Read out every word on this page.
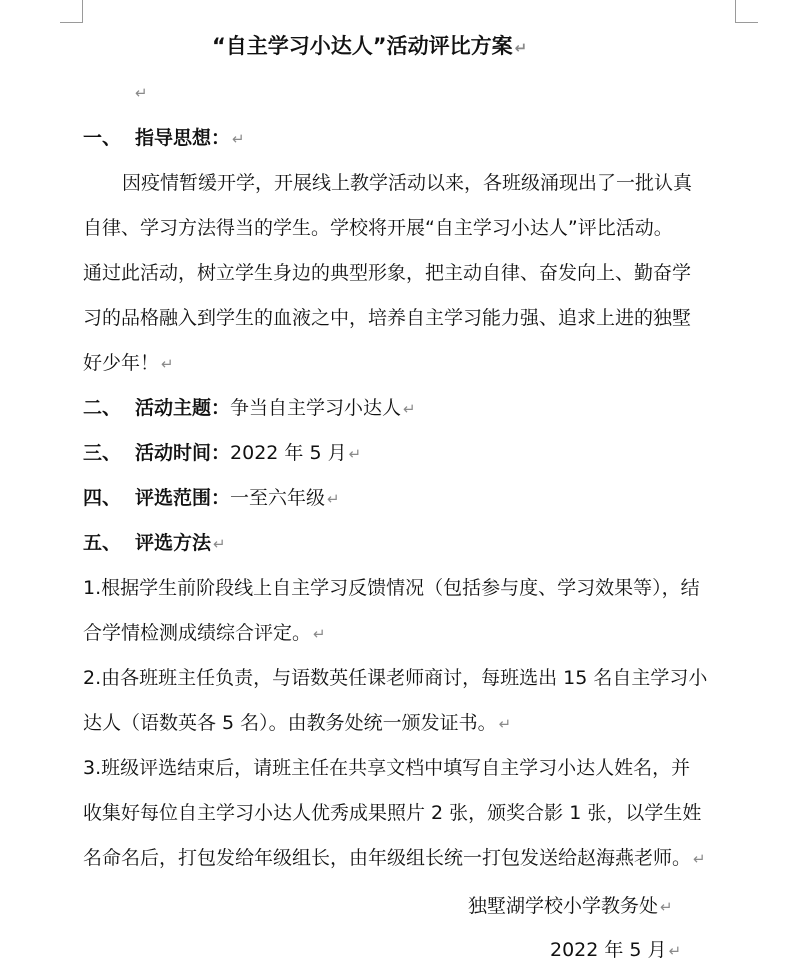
“自主学习小达人”活动评比方案 ↵
↵
一、 指导思想： ↵
因疫情暂缓开学，开展线上教学活动以来，各班级涌现出了一批认真
自律、学习方法得当的学生。学校将开展“自主学习小达人”评比活动。
通过此活动，树立学生身边的典型形象，把主动自律、奋发向上、勤奋学
习的品格融入到学生的血液之中，培养自主学习能力强、追求上进的独墅
好少年！ ↵
二、 活动主题：争当自主学习小达人 ↵
三、 活动时间：2022 年 5 月 ↵
四、 评选范围：一至六年级 ↵
五、 评选方法 ↵
1.根据学生前阶段线上自主学习反馈情况（包括参与度、学习效果等），结
合学情检测成绩综合评定。 ↵
2.由各班班主任负责，与语数英任课老师商讨，每班选出 15 名自主学习小
达人（语数英各 5 名）。由教务处统一颁发证书。 ↵
3.班级评选结束后，请班主任在共享文档中填写自主学习小达人姓名，并
收集好每位自主学习小达人优秀成果照片 2 张，颁奖合影 1 张，以学生姓
名命名后，打包发给年级组长，由年级组长统一打包发送给赵海燕老师。 ↵
独墅湖学校小学教务处 ↵
2022 年 5 月 ↵
